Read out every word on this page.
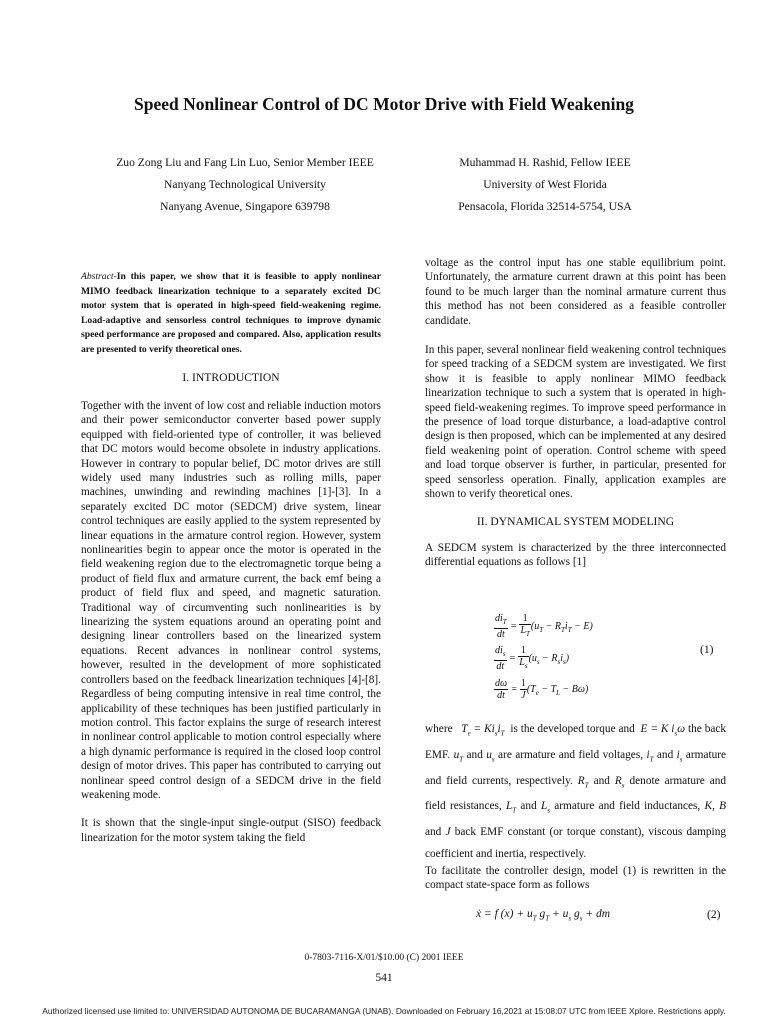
Speed Nonlinear Control of DC Motor Drive with Field Weakening
Zuo Zong Liu and Fang Lin Luo, Senior Member IEEE
Nanyang Technological University
Nanyang Avenue, Singapore 639798
Muhammad H. Rashid, Fellow IEEE
University of West Florida
Pensacola, Florida 32514-5754, USA

Abstract-In this paper, we show that it is feasible to apply nonlinear MIMO feedback linearization technique to a separately excited DC motor system that is operated in high-speed field-weakening regime. Load-adaptive and sensorless control techniques to improve dynamic speed performance are proposed and compared. Also, application results are presented to verify theoretical ones.

I. INTRODUCTION

Together with the invent of low cost and reliable induction motors and their power semiconductor converter based power supply equipped with field-oriented type of controller, it was believed that DC motors would become obsolete in industry applications. However in contrary to popular belief, DC motor drives are still widely used many industries such as rolling mills, paper machines, unwinding and rewinding machines [1]-[3]. In a separately excited DC motor (SEDCM) drive system, linear control techniques are easily applied to the system represented by linear equations in the armature control region. However, system nonlinearities begin to appear once the motor is operated in the field weakening region due to the electromagnetic torque being a product of field flux and armature current, the back emf being a product of field flux and speed, and magnetic saturation. Traditional way of circumventing such nonlinearities is by linearizing the system equations around an operating point and designing linear controllers based on the linearized system equations. Recent advances in nonlinear control systems, however, resulted in the development of more sophisticated controllers based on the feedback linearization techniques [4]-[8]. Regardless of being computing intensive in real time control, the applicability of these techniques has been justified particularly in motion control. This factor explains the surge of research interest in nonlinear control applicable to motion control especially where a high dynamic performance is required in the closed loop control design of motor drives. This paper has contributed to carrying out nonlinear speed control design of a SEDCM drive in the field weakening mode.

It is shown that the single-input single-output (SISO) feedback linearization for the motor system taking the field

voltage as the control input has one stable equilibrium point. Unfortunately, the armature current drawn at this point has been found to be much larger than the nominal armature current thus this method has not been considered as a feasible controller candidate.

In this paper, several nonlinear field weakening control techniques for speed tracking of a SEDCM system are investigated. We first show it is feasible to apply nonlinear MIMO feedback linearization technique to such a system that is operated in high-speed field-weakening regimes. To improve speed performance in the presence of load torque disturbance, a load-adaptive control design is then proposed, which can be implemented at any desired field weakening point of operation. Control scheme with speed and load torque observer is further, in particular, presented for speed sensorless operation. Finally, application examples are shown to verify theoretical ones.

II. DYNAMICAL SYSTEM MODELING

A SEDCM system is characterized by the three interconnected differential equations as follows [1]

$\frac{di_T}{dt} = \frac{1}{L_T} (u_T - R_Ti_T - E)$
$\frac{di_s}{dt} = \frac{1}{L_s} (u_s - R_si_s)$
$\frac{d\omega}{dt} = \frac{1}{J} (T_e - T_L - B\omega)$
(1)

where   $T_e = Ki_si_T$ is the developed torque and  E = K $i_s\omega$ the back EMF. $u_T$ and $u_s$ are armature and field voltages, $i_T$ and $i_s$ armature and field currents, respectively. $R_T$ and $R_s$ denote armature and field resistances, $L_T$ and $L_s$ armature and field inductances, K, B and J back EMF constant (or torque constant), viscous damping coefficient and inertia, respectively.

To facilitate the controller design, model (1) is rewritten in the compact state-space form as follows

ẋ = f $(x) + u_T$ $g_T + u_s$ $g_s$ + dm	(2)
0-7803-7116-X/01/$10.00 (C) 2001 IEEE
541
Authorized licensed use limited to: UNIVERSIDAD AUTONOMA DE BUCARAMANGA (UNAB). Downloaded on February 16,2021 at 15:08:07 UTC from IEEE Xplore. Restrictions apply.
